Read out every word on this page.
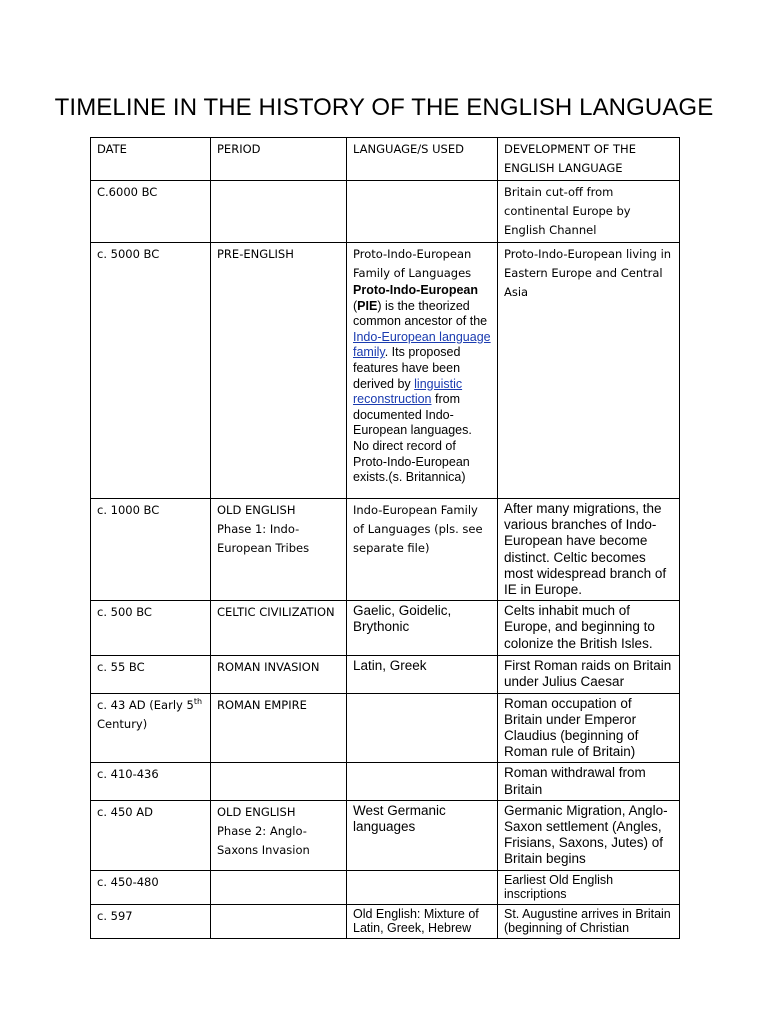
TIMELINE IN THE HISTORY OF THE ENGLISH LANGUAGE
DATE	PERIOD	LANGUAGE/S USED	DEVELOPMENT OF THE ENGLISH LANGUAGE
C.6000 BC			Britain cut-off from continental Europe by English Channel
c. 5000 BC	PRE-ENGLISH	Proto-Indo-European Family of Languages
Proto-Indo-European (PIE) is the theorized common ancestor of the Indo-European language family. Its proposed features have been derived by linguistic reconstruction from documented Indo-European languages. No direct record of Proto-Indo-European exists.(s. Britannica)	Proto-Indo-European living in Eastern Europe and Central Asia
c. 1000 BC	OLD ENGLISH
Phase 1: Indo-European Tribes	Indo-European Family of Languages (pls. see separate file)	After many migrations, the various branches of Indo-European have become distinct. Celtic becomes most widespread branch of IE in Europe.
c. 500 BC	CELTIC CIVILIZATION	Gaelic, Goidelic, Brythonic	Celts inhabit much of Europe, and beginning to colonize the British Isles.
c. 55 BC	ROMAN INVASION	Latin, Greek	First Roman raids on Britain under Julius Caesar
c. 43 AD (Early 5th Century)	ROMAN EMPIRE		Roman occupation of Britain under Emperor Claudius (beginning of Roman rule of Britain)
c. 410-436			Roman withdrawal from Britain
c. 450 AD	OLD ENGLISH
Phase 2: Anglo-Saxons Invasion	West Germanic languages	Germanic Migration, Anglo-Saxon settlement (Angles, Frisians, Saxons, Jutes) of Britain begins
c. 450-480			Earliest Old English inscriptions
c. 597		Old English: Mixture of Latin, Greek, Hebrew	St. Augustine arrives in Britain (beginning of Christian
